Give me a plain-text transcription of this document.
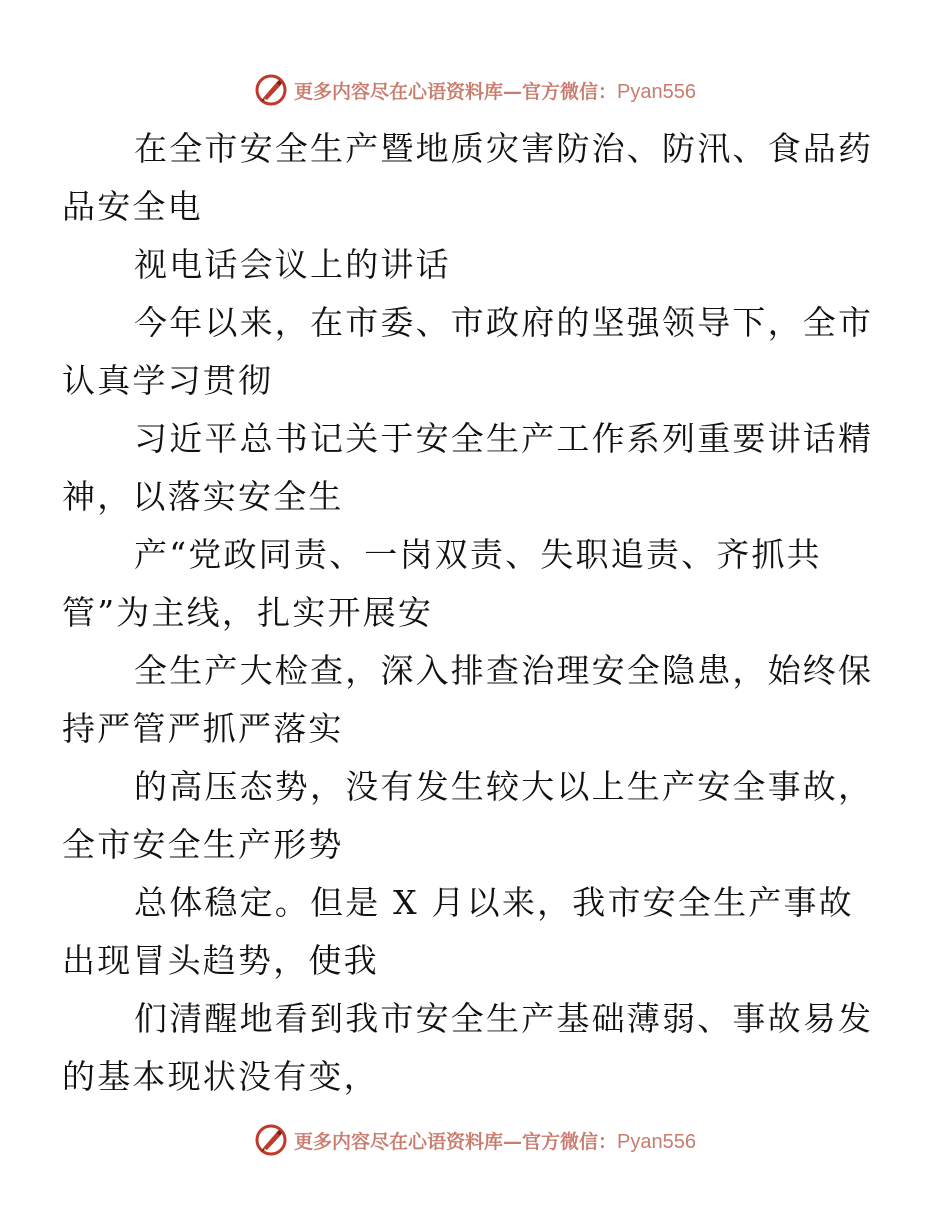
更多内容尽在心语资料库—官方微信：Pyan556

在全市安全生产暨地质灾害防治、防汛、食品药
品安全电

视电话会议上的讲话

今年以来，在市委、市政府的坚强领导下，全市
认真学习贯彻

习近平总书记关于安全生产工作系列重要讲话精
神，以落实安全生

产“党政同责、一岗双责、失职追责、齐抓共
管”为主线，扎实开展安

全生产大检查，深入排查治理安全隐患，始终保
持严管严抓严落实

的高压态势，没有发生较大以上生产安全事故，
全市安全生产形势

总体稳定。但是 X 月以来，我市安全生产事故
出现冒头趋势，使我

们清醒地看到我市安全生产基础薄弱、事故易发
的基本现状没有变，

更多内容尽在心语资料库—官方微信：Pyan556
